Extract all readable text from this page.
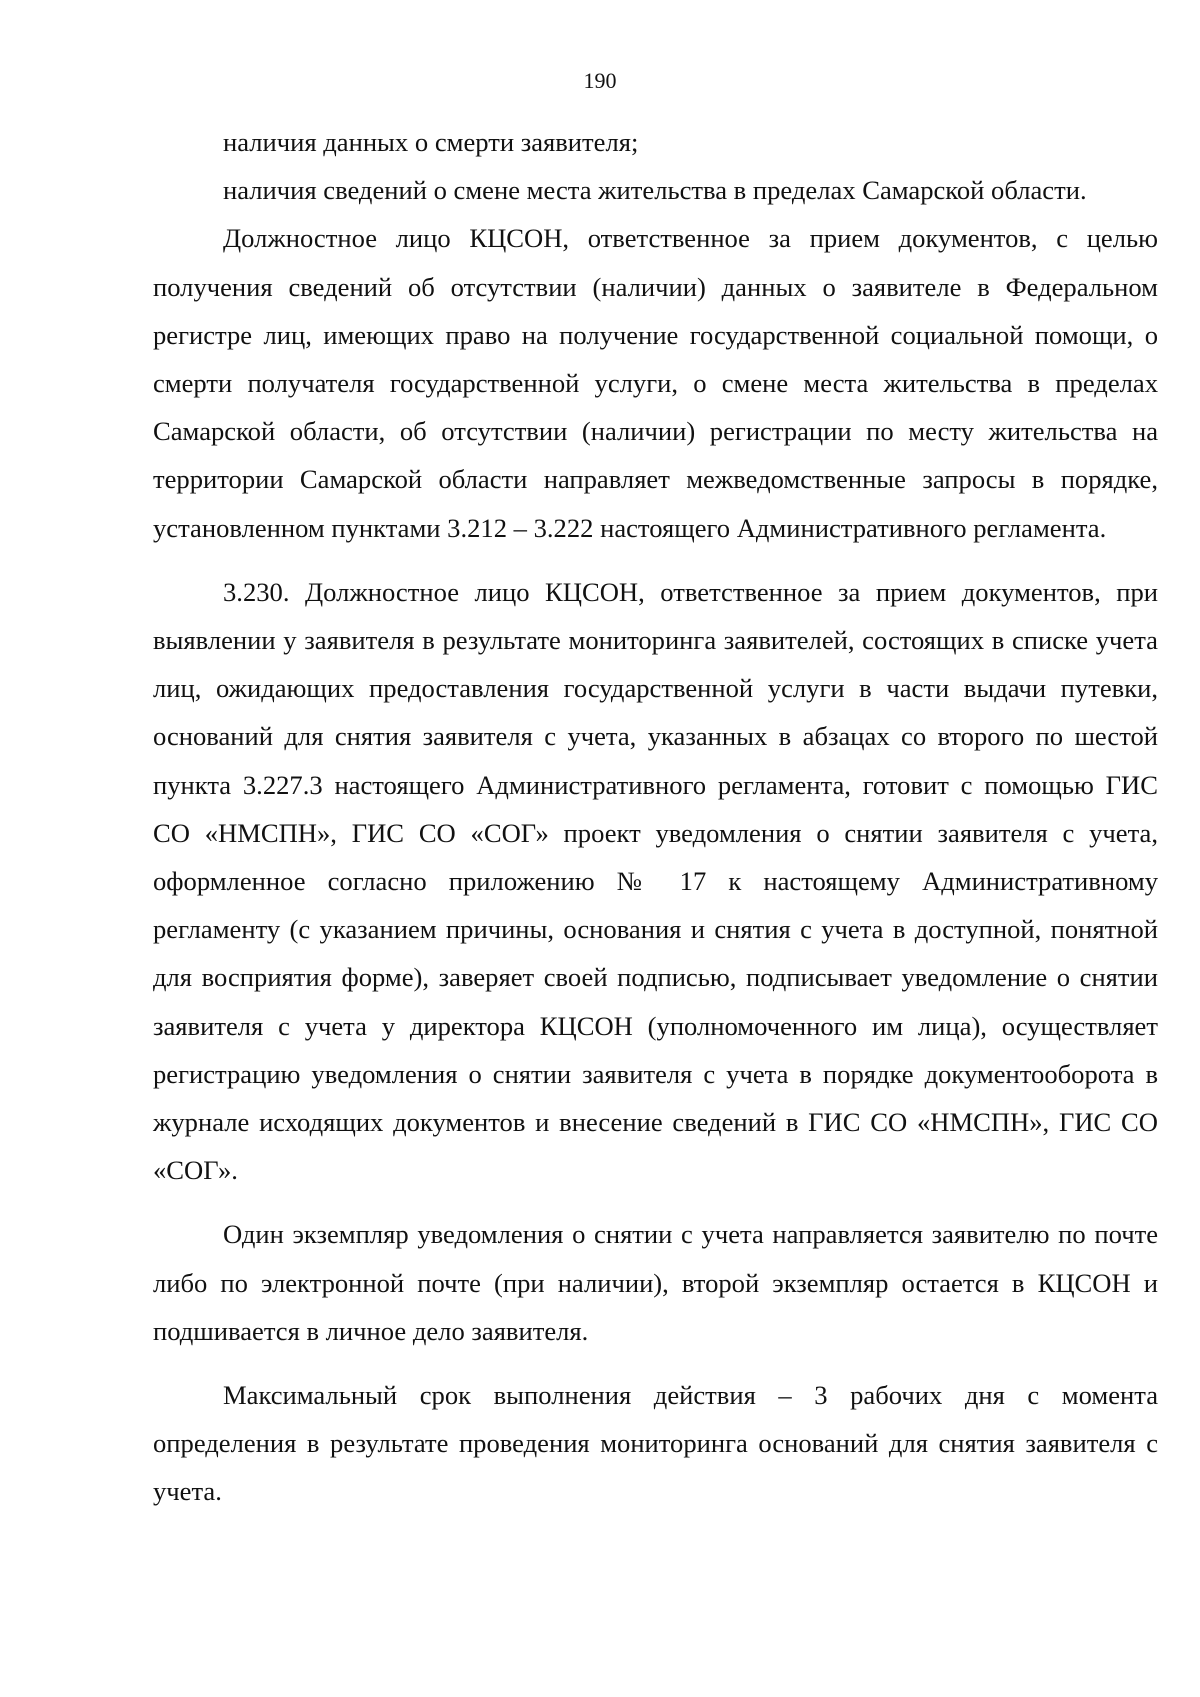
190

наличия данных о смерти заявителя;

наличия сведений о смене места жительства в пределах Самарской области.

Должностное лицо КЦСОН, ответственное за прием документов, с целью получения сведений об отсутствии (наличии) данных о заявителе в Федеральном регистре лиц, имеющих право на получение государственной социальной помощи, о смерти получателя государственной услуги, о смене места жительства в пределах Самарской области, об отсутствии (наличии) регистрации по месту жительства на территории Самарской области направляет межведомственные запросы в порядке, установленном пунктами 3.212 – 3.222 настоящего Административного регламента.

3.230. Должностное лицо КЦСОН, ответственное за прием документов, при выявлении у заявителя в результате мониторинга заявителей, состоящих в списке учета лиц, ожидающих предоставления государственной услуги в части выдачи путевки, оснований для снятия заявителя с учета, указанных в абзацах со второго по шестой пункта 3.227.3 настоящего Административного регламента, готовит с помощью ГИС СО «НМСПН», ГИС СО «СОГ» проект уведомления о снятии заявителя с учета, оформленное согласно приложению № 17 к настоящему Административному регламенту (с указанием причины, основания и снятия с учета в доступной, понятной для восприятия форме), заверяет своей подписью, подписывает уведомление о снятии заявителя с учета у директора КЦСОН (уполномоченного им лица), осуществляет регистрацию уведомления о снятии заявителя с учета в порядке документооборота в журнале исходящих документов и внесение сведений в ГИС СО «НМСПН», ГИС СО «СОГ».

Один экземпляр уведомления о снятии с учета направляется заявителю по почте либо по электронной почте (при наличии), второй экземпляр остается в КЦСОН и подшивается в личное дело заявителя.

Максимальный срок выполнения действия – 3 рабочих дня с момента определения в результате проведения мониторинга оснований для снятия заявителя с учета.
